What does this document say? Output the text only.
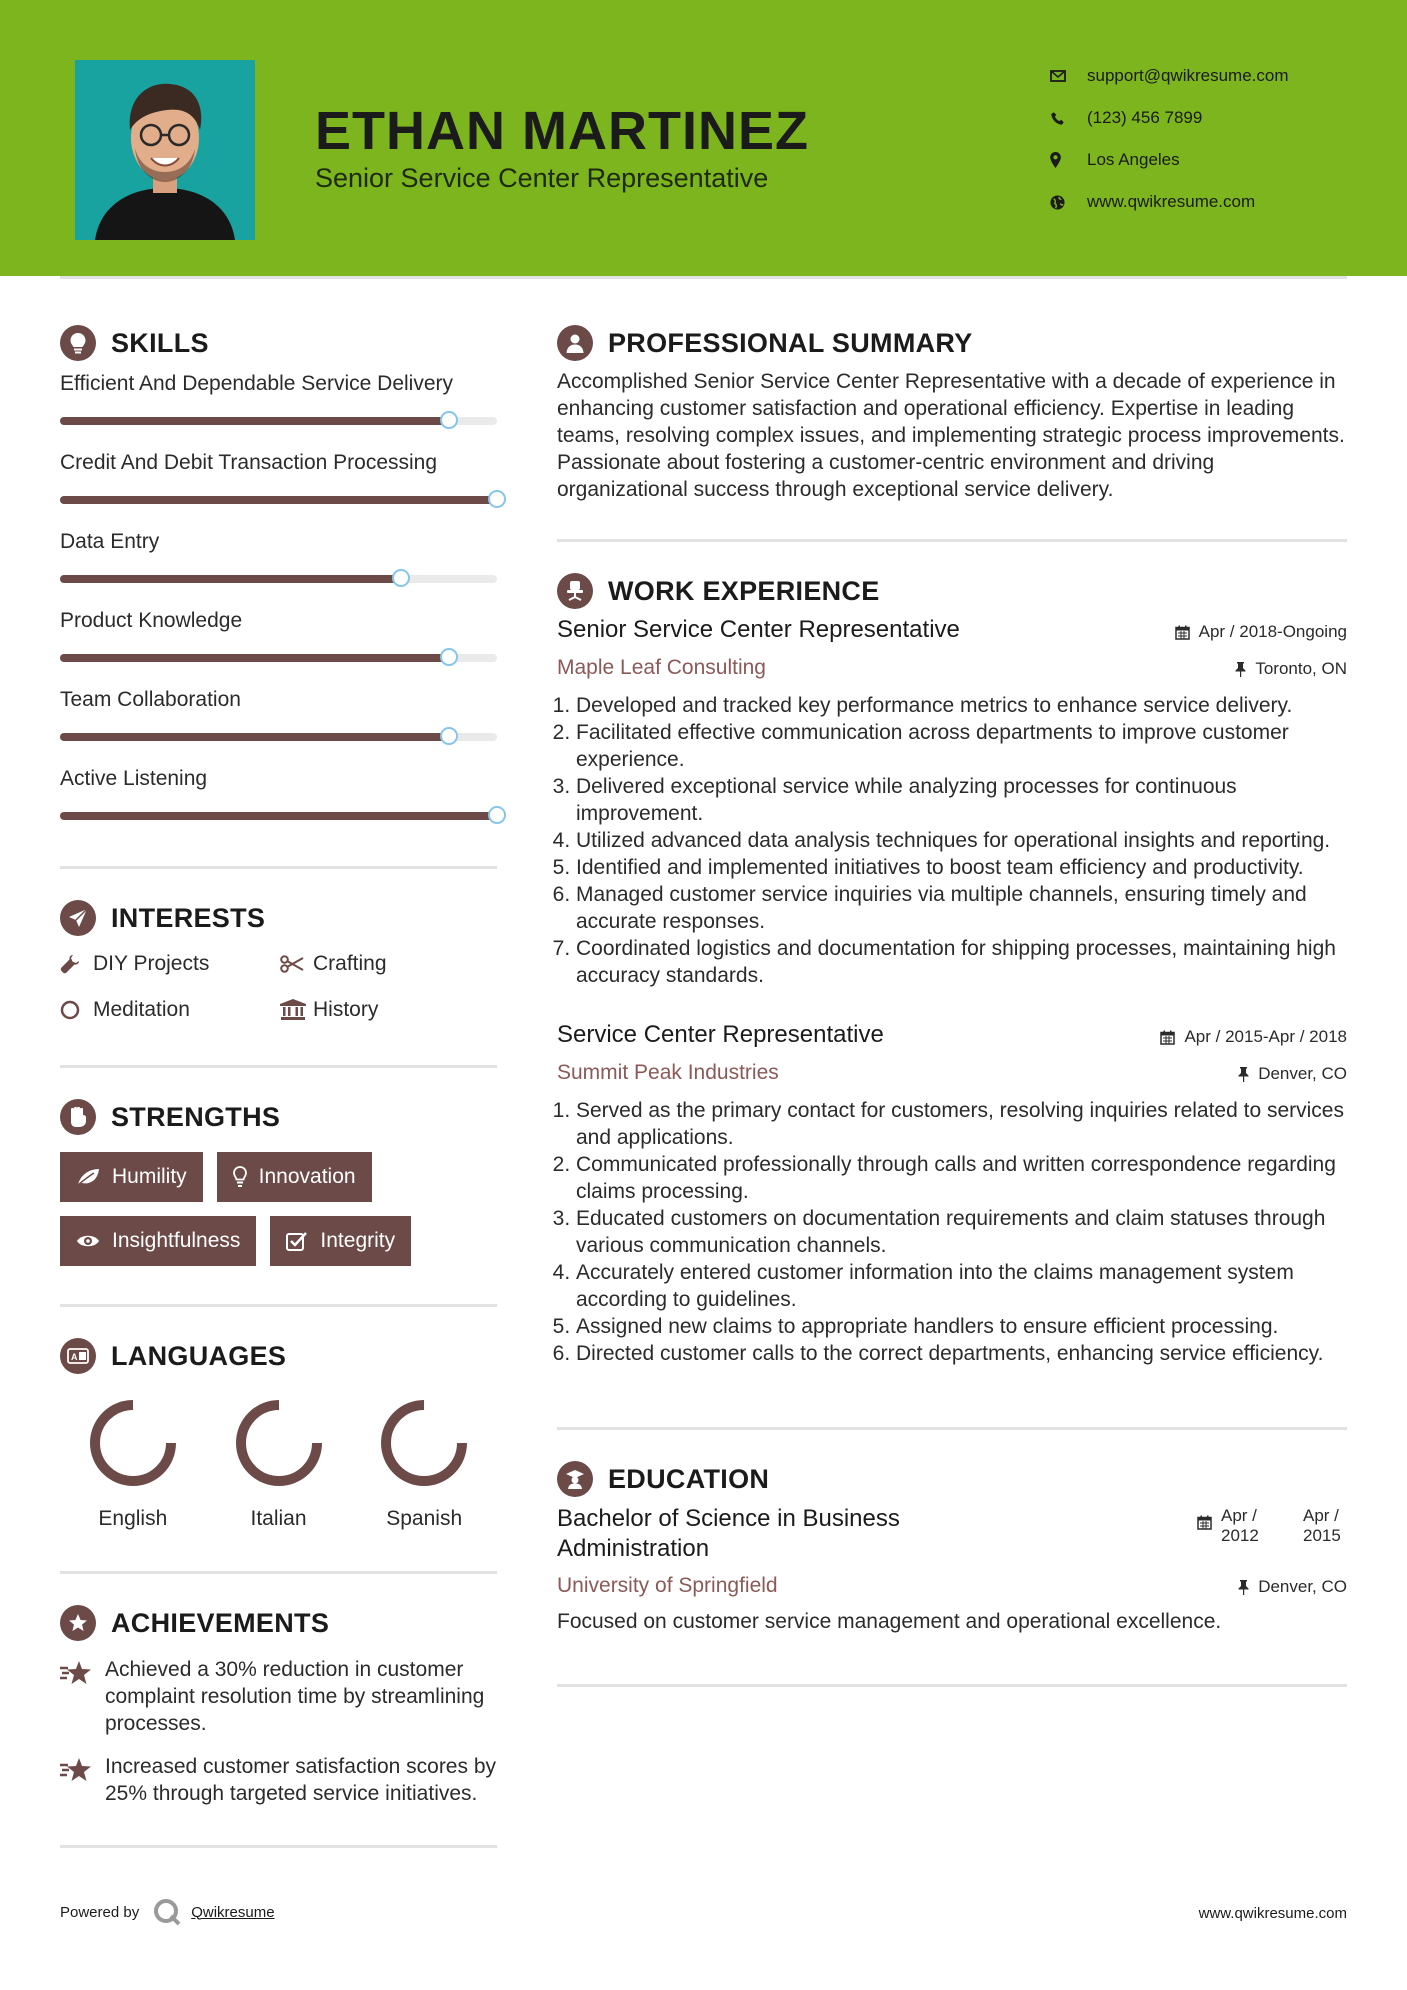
ETHAN MARTINEZ
Senior Service Center Representative
support@qwikresume.com
(123) 456 7899
Los Angeles
www.qwikresume.com
SKILLS
Efficient And Dependable Service Delivery
Credit And Debit Transaction Processing
Data Entry
Product Knowledge
Team Collaboration
Active Listening
INTERESTS
DIY Projects	Crafting
Meditation	History
STRENGTHS
Humility	Innovation
Insightfulness	Integrity
A LANGUAGES
English	Italian	Spanish
ACHIEVEMENTS
Achieved a 30% reduction in customer complaint resolution time by streamlining processes.
Increased customer satisfaction scores by 25% through targeted service initiatives.
PROFESSIONAL SUMMARY
Accomplished Senior Service Center Representative with a decade of experience in enhancing customer satisfaction and operational efficiency. Expertise in leading teams, resolving complex issues, and implementing strategic process improvements. Passionate about fostering a customer-centric environment and driving organizational success through exceptional service delivery.
WORK EXPERIENCE
Senior Service Center Representative	Apr / 2018-Ongoing
Maple Leaf Consulting	Toronto, ON
1. Developed and tracked key performance metrics to enhance service delivery.
2. Facilitated effective communication across departments to improve customer experience.
3. Delivered exceptional service while analyzing processes for continuous improvement.
4. Utilized advanced data analysis techniques for operational insights and reporting.
5. Identified and implemented initiatives to boost team efficiency and productivity.
6. Managed customer service inquiries via multiple channels, ensuring timely and accurate responses.
7. Coordinated logistics and documentation for shipping processes, maintaining high accuracy standards.
Service Center Representative	Apr / 2015-Apr / 2018
Summit Peak Industries	Denver, CO
1. Served as the primary contact for customers, resolving inquiries related to services and applications.
2. Communicated professionally through calls and written correspondence regarding claims processing.
3. Educated customers on documentation requirements and claim statuses through various communication channels.
4. Accurately entered customer information into the claims management system according to guidelines.
5. Assigned new claims to appropriate handlers to ensure efficient processing.
6. Directed customer calls to the correct departments, enhancing service efficiency.
EDUCATION
Bachelor of Science in Business Administration
Apr / 2012
Apr / 2015
University of Springfield	Denver, CO
Focused on customer service management and operational excellence.
Powered by	Qwikresume	www.qwikresume.com
